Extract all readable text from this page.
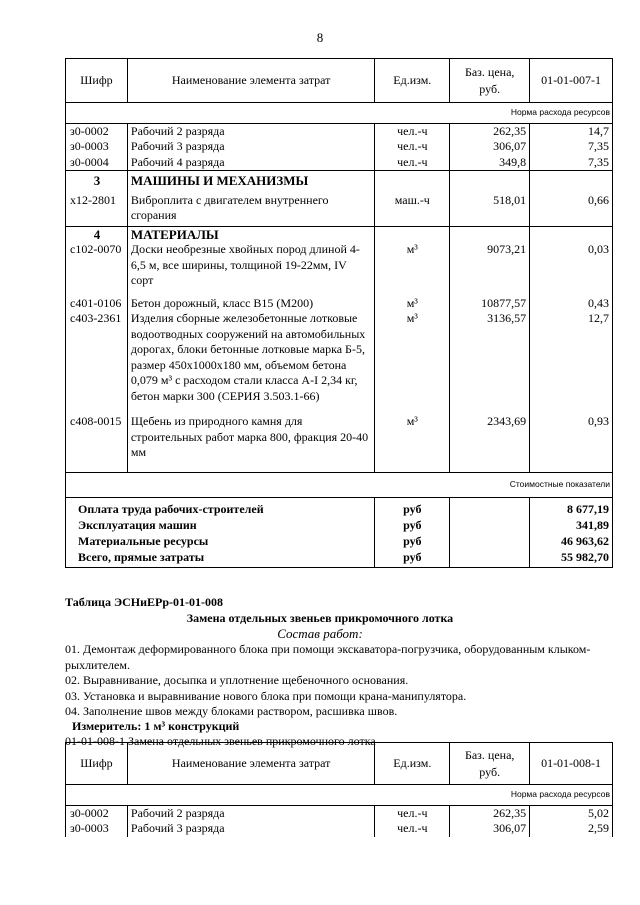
8
Шифр	Наименование элемента затрат	Ед.изм.	Баз. цена, руб.	01-01-007-1
Норма расхода ресурсов				
з0-0002	Рабочий 2 разряда	чел.-ч	262,35	14,7
з0-0003	Рабочий 3 разряда	чел.-ч	306,07	7,35
з0-0004	Рабочий 4 разряда	чел.-ч	349,8	7,35
3	МАШИНЫ И МЕХАНИЗМЫ			
х12-2801	Виброплита с двигателем внутреннего сгорания	маш.-ч	518,01	0,66
4	МАТЕРИАЛЫ			
с102-0070	Доски необрезные хвойных пород длиной 4-6,5 м, все ширины, толщиной 19-22мм, IV сорт	м³	9073,21	0,03
с401-0106	Бетон дорожный, класс В15 (М200)	м³	10877,57	0,43
с403-2361	Изделия сборные железобетонные лотковые водоотводных сооружений на автомобильных дорогах, блоки бетонные лотковые марка Б-5, размер 450х1000х180 мм, объемом бетона 0,079 м³ с расходом стали класса А-I 2,34 кг, бетон марки 300 (СЕРИЯ 3.503.1-66)	м³	3136,57	12,7
с408-0015	Щебень из природного камня для строительных работ марка 800, фракция 20-40 мм	м³	2343,69	0,93

Стоимостные показатели				
Оплата труда рабочих-строителей		руб		8 677,19
Эксплуатация машин		руб		341,89
Материальные ресурсы		руб		46 963,62
Всего, прямые затраты		руб		55 982,70
Таблица ЭСНиЕРр-01-01-008
Замена отдельных звеньев прикромочного лотка
Состав работ:
01. Демонтаж деформированного блока при помощи экскаватора-погрузчика, оборудованным клыком-рыхлителем.
02. Выравнивание, досыпка и уплотнение щебеночного основания.
03. Установка и выравнивание нового блока при помощи крана-манипулятора.
04. Заполнение швов между блоками раствором, расшивка швов.
Измеритель: 1 м³ конструкций
01-01-008-1 Замена отдельных звеньев прикромочного лотка
Шифр	Наименование элемента затрат	Ед.изм.	Баз. цена, руб.	01-01-008-1
Норма расхода ресурсов				
з0-0002	Рабочий 2 разряда	чел.-ч	262,35	5,02
з0-0003	Рабочий 3 разряда	чел.-ч	306,07	2,59
